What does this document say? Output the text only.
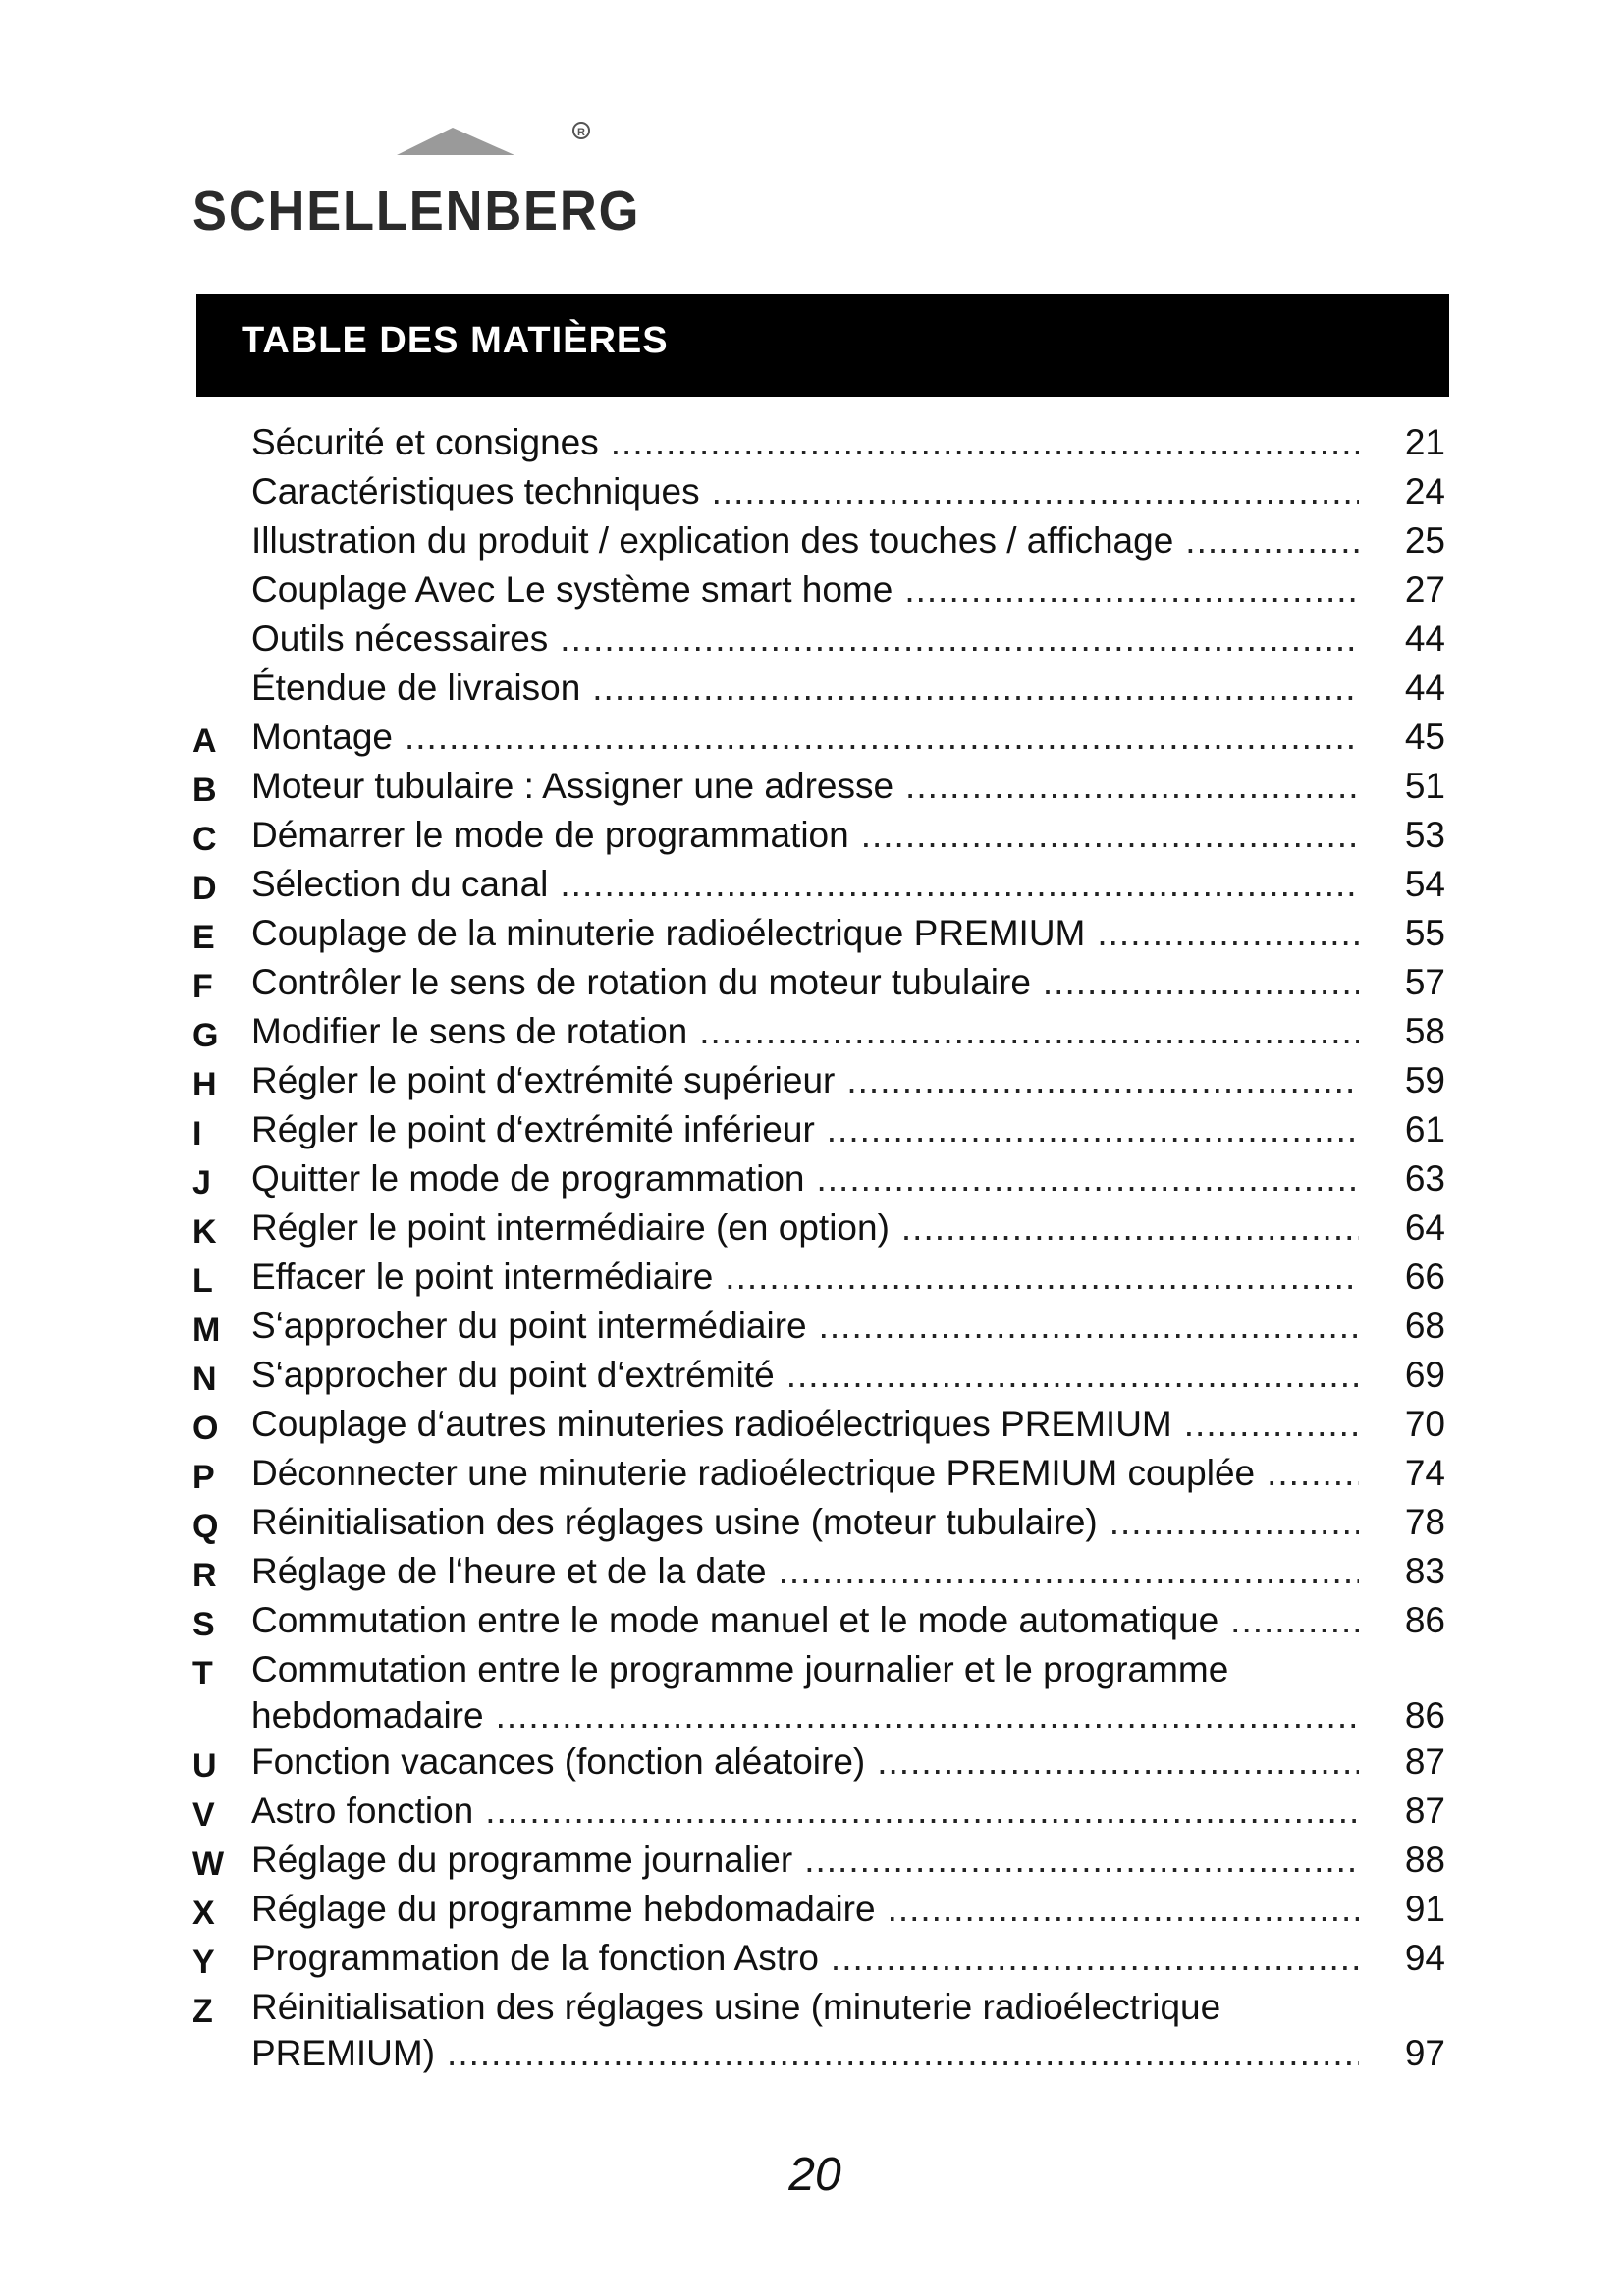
R
SCHELLENBERG
TABLE DES MATIÈRES
Sécurité et consignes .....	21
Caractéristiques techniques .....	24
Illustration du produit / explication des touches / affichage .....	25
Couplage Avec Le système smart home .....	27
Outils nécessaires .....	44
Étendue de livraison .....	44
A Montage .....	45
B Moteur tubulaire : Assigner une adresse .....	51
C Démarrer le mode de programmation .....	53
D Sélection du canal .....	54
E	Couplage de la minuterie radioélectrique PREMIUM .....	55
F	Contrôler le sens de rotation du moteur tubulaire .....	57
G Modifier le sens de rotation .....	58
H Régler le point d‘extrémité supérieur .....	59
I	Régler le point d‘extrémité inférieur .....	61
J	Quitter le mode de programmation .....	63
K Régler le point intermédiaire (en option) .....	64
L	Effacer le point intermédiaire .....	66
M S‘approcher du point intermédiaire .....	68
N S‘approcher du point d‘extrémité .....	69
O Couplage d‘autres minuteries radioélectriques PREMIUM .....	70
P	Déconnecter une minuterie radioélectrique PREMIUM couplée .....	74
Q Réinitialisation des réglages usine (moteur tubulaire) .....	78
R Réglage de l‘heure et de la date .....	83
S	Commutation entre le mode manuel et le mode automatique .....	86
T	Commutation entre le programme journalier et le programme
hebdomadaire .....	86
U Fonction vacances (fonction aléatoire) .....	87
V	Astro fonction .....	87
W Réglage du programme journalier .....	88
X	Réglage du programme hebdomadaire .....	91
Y	Programmation de la fonction Astro .....	94
Z	Réinitialisation des réglages usine (minuterie radioélectrique
PREMIUM) .....	97
20
